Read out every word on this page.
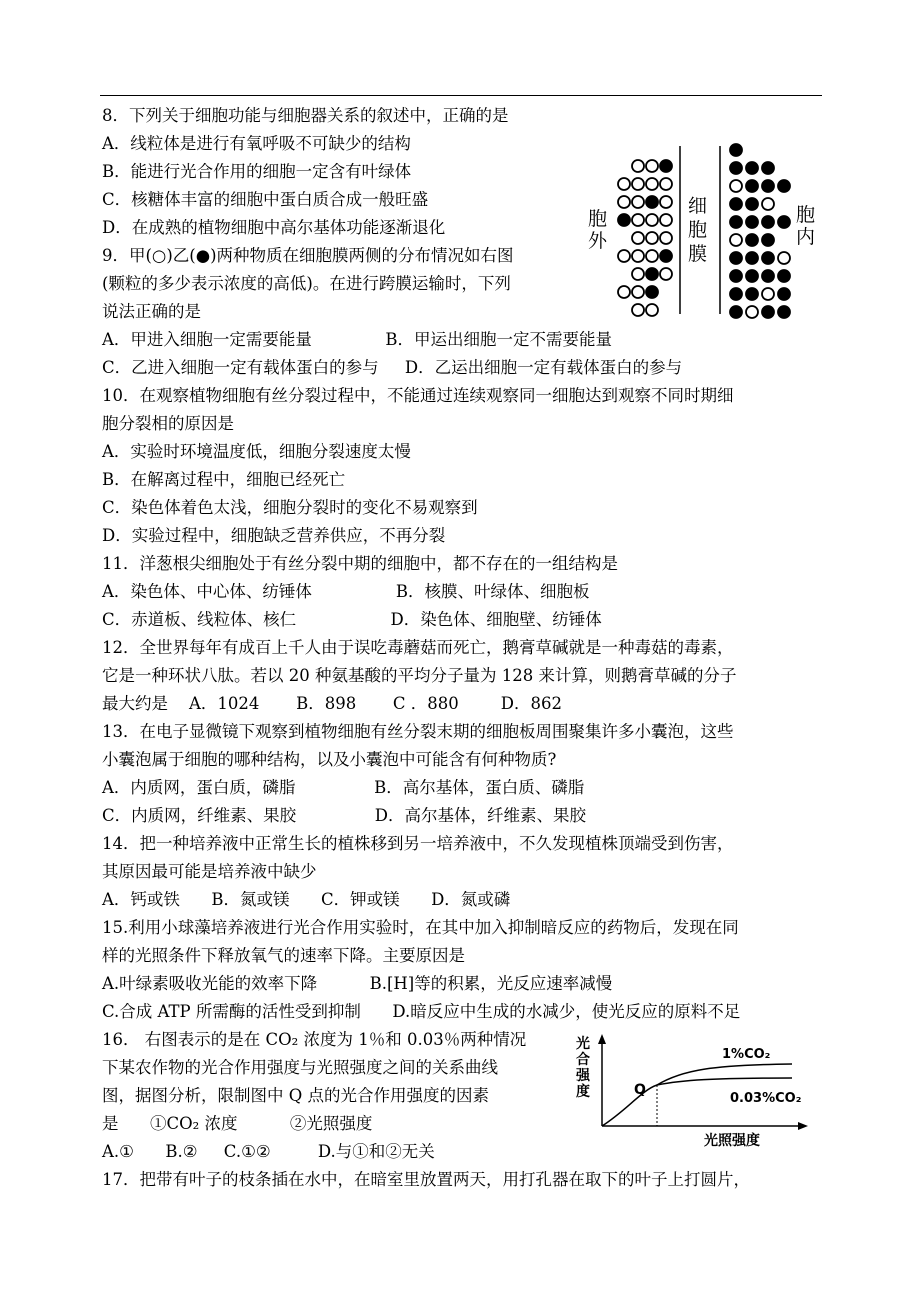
8．下列关于细胞功能与细胞器关系的叙述中，正确的是
A．线粒体是进行有氧呼吸不可缺少的结构
B．能进行光合作用的细胞一定含有叶绿体
C．核糖体丰富的细胞中蛋白质合成一般旺盛
D．在成熟的植物细胞中高尔基体功能逐渐退化
9．甲(○)乙(●)两种物质在细胞膜两侧的分布情况如右图
(颗粒的多少表示浓度的高低)。在进行跨膜运输时，下列
说法正确的是
A．甲进入细胞一定需要能量              B．甲运出细胞一定不需要能量
C．乙进入细胞一定有载体蛋白的参与     D．乙运出细胞一定有载体蛋白的参与
10．在观察植物细胞有丝分裂过程中，不能通过连续观察同一细胞达到观察不同时期细
胞分裂相的原因是
A．实验时环境温度低，细胞分裂速度太慢
B．在解离过程中，细胞已经死亡
C．染色体着色太浅，细胞分裂时的变化不易观察到
D．实验过程中，细胞缺乏营养供应，不再分裂
11．洋葱根尖细胞处于有丝分裂中期的细胞中，都不存在的一组结构是
A．染色体、中心体、纺锤体                B．核膜、叶绿体、细胞板
C．赤道板、线粒体、核仁                  D．染色体、细胞壁、纺锤体
12．全世界每年有成百上千人由于误吃毒蘑菇而死亡，鹅膏草碱就是一种毒菇的毒素，
它是一种环状八肽。若以 20 种氨基酸的平均分子量为 128 来计算，则鹅膏草碱的分子
最大约是    A．1024       B．898       C ．880        D．862
13．在电子显微镜下观察到植物细胞有丝分裂末期的细胞板周围聚集许多小囊泡，这些
小囊泡属于细胞的哪种结构，以及小囊泡中可能含有何种物质?
A．内质网，蛋白质，磷脂               B．高尔基体，蛋白质、磷脂
C．内质网，纤维素、果胶               D．高尔基体，纤维素、果胶
14．把一种培养液中正常生长的植株移到另一培养液中，不久发现植株顶端受到伤害，
其原因最可能是培养液中缺少
A．钙或铁      B．氮或镁      C．钾或镁      D．氮或磷
15.利用小球藻培养液进行光合作用实验时，在其中加入抑制暗反应的药物后，发现在同
样的光照条件下释放氧气的速率下降。主要原因是
A.叶绿素吸收光能的效率下降          B.[H]等的积累，光反应速率减慢
C.合成 ATP 所需酶的活性受到抑制      D.暗反应中生成的水减少，使光反应的原料不足
16． 右图表示的是在 CO₂ 浓度为 1％和 0.03％两种情况
下某农作物的光合作用强度与光照强度之间的关系曲线
图，据图分析，限制图中 Q 点的光合作用强度的因素
是      ①CO₂ 浓度          ②光照强度
A.①      B.②     C.①②         D.与①和②无关
17．把带有叶子的枝条插在水中，在暗室里放置两天，用打孔器在取下的叶子上打圆片，
胞外
细胞膜
胞内
1%CO₂
0.03%CO₂
Q
光合强度
光照强度
